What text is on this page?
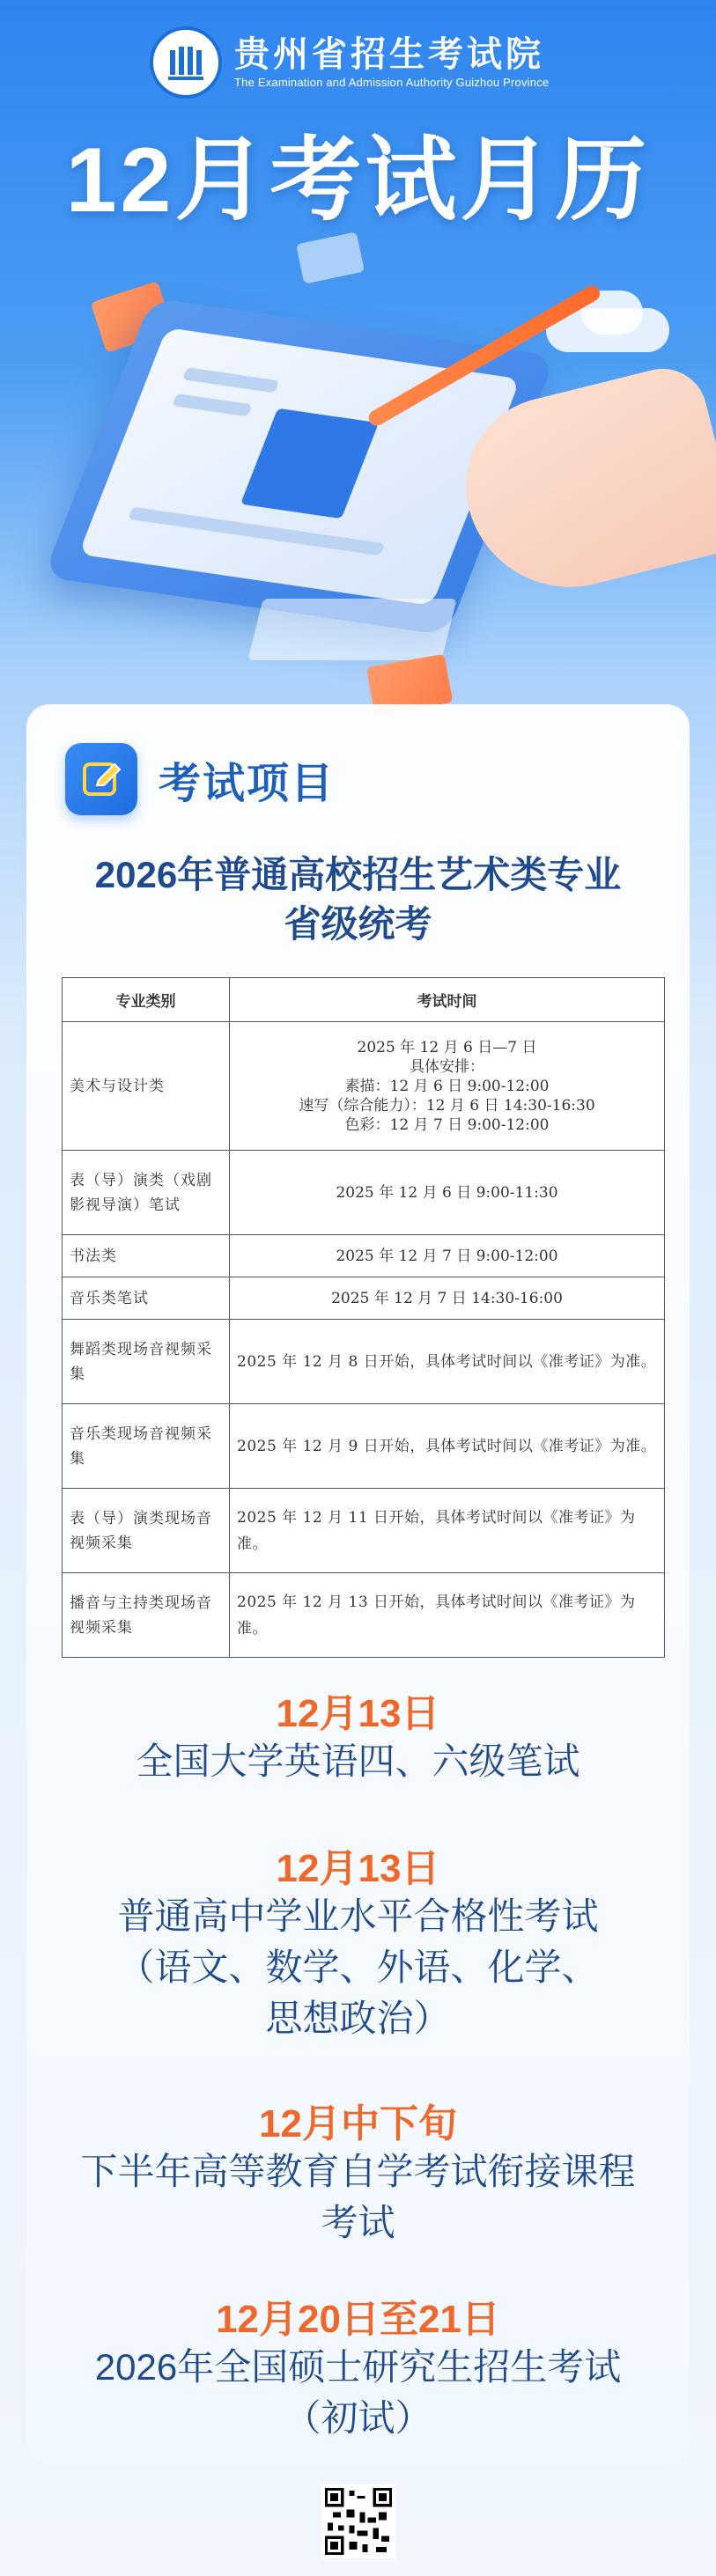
贵州省招生考试院
The Examination and Admission Authority Guizhou Province
12月考试月历
考试项目
2026年普通高校招生艺术类专业
省级统考
专业类别	考试时间
美术与设计类	2025 年 12 月 6 日—7 日
具体安排：
素描：12 月 6 日 9:00-12:00
速写（综合能力）：12 月 6 日 14:30-16:30
色彩：12 月 7 日 9:00-12:00

表（导）演类（戏剧影视导演）笔试	2025 年 12 月 6 日 9:00-11:30
书法类	2025 年 12 月 7 日 9:00-12:00
音乐类笔试	2025 年 12 月 7 日 14:30-16:00
舞蹈类现场音视频采集	2025 年 12 月 8 日开始，具体考试时间以《准考证》为准。
音乐类现场音视频采集	2025 年 12 月 9 日开始，具体考试时间以《准考证》为准。
表（导）演类现场音视频采集	2025 年 12 月 11 日开始，具体考试时间以《准考证》为准。
播音与主持类现场音视频采集	2025 年 12 月 13 日开始，具体考试时间以《准考证》为准。
12月13日
全国大学英语四、六级笔试
12月13日
普通高中学业水平合格性考试
（语文、数学、外语、化学、
思想政治）
12月中下旬
下半年高等教育自学考试衔接课程
考试
12月20日至21日
2026年全国硕士研究生招生考试
（初试）
